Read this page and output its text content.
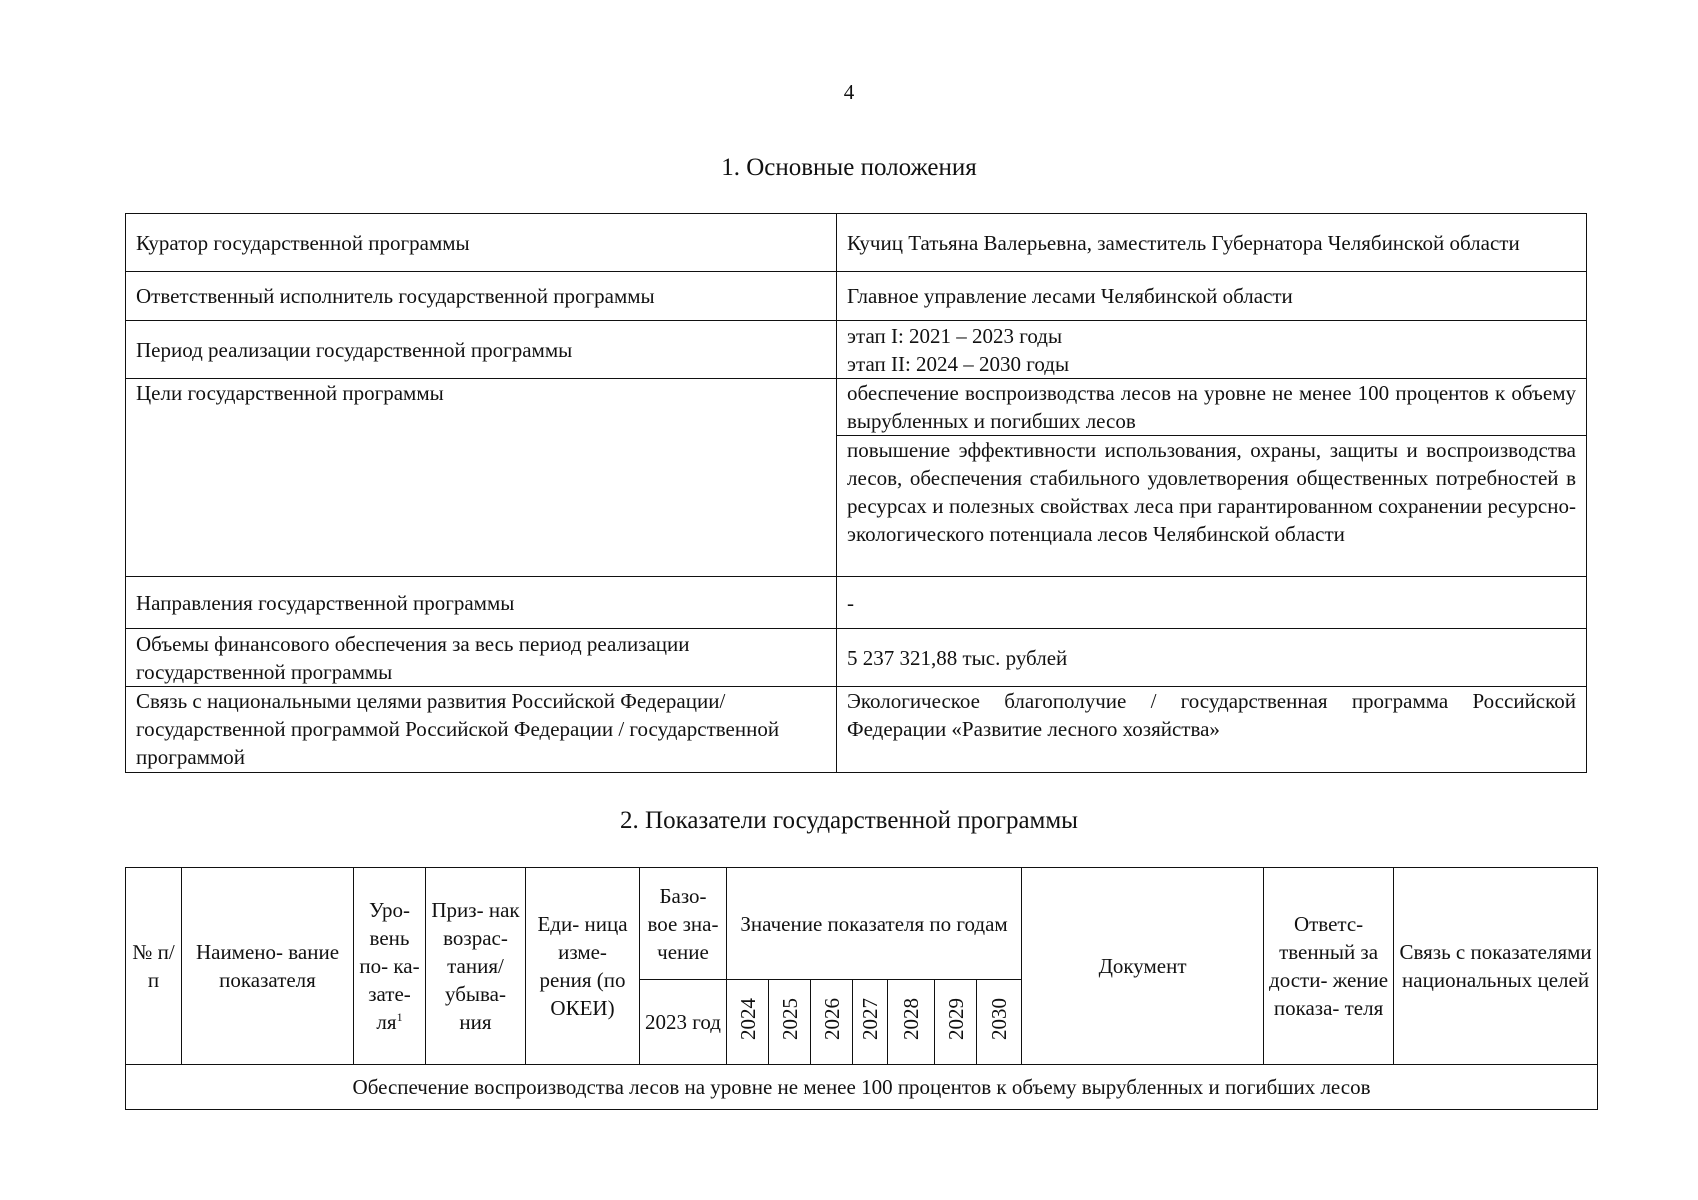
4
1. Основные положения
Куратор государственной программы	Кучиц Татьяна Валерьевна, заместитель Губернатора Челябинской области
Ответственный исполнитель государственной программы	Главное управление лесами Челябинской области
Период реализации государственной программы	этап I: 2021 – 2023 годы
этап II: 2024 – 2030 годы

Цели государственной программы	обеспечение воспроизводства лесов на уровне не менее 100 процентов к объему вырубленных и погибших лесов
повышение эффективности использования, охраны, защиты и воспроизводства лесов, обеспечения стабильного удовлетворения общественных потребностей в ресурсах и полезных свойствах леса при гарантированном сохранении ресурсно-экологического потенциала лесов Челябинской области

Направления государственной программы	-
Объемы финансового обеспечения за весь период реализации государственной программы	5 237 321,88 тыс. рублей
Связь с национальными целями развития Российской Федерации/ государственной программой Российской Федерации / государственной программой	Экологическое благополучие / государственная программа Российской Федерации «Развитие лесного хозяйства»
2. Показатели государственной программы
№ п/п	Наимено- вание показателя	Уро- вень по- ка- зате- $ля^1$	Приз- нак возрас- тания/ убыва- ния	Еди- ница изме- рения (по ОКЕИ)	Базо- вое зна- чение	Значение показателя по годам							Документ	Ответс- твенный за дости- жение показа- теля	Связь с показателями национальных целей
					2023 год	2024	2025	2026	2027	2028	2029	2030			
Обеспечение воспроизводства лесов на уровне не менее 100 процентов к объему вырубленных и погибших лесов															
